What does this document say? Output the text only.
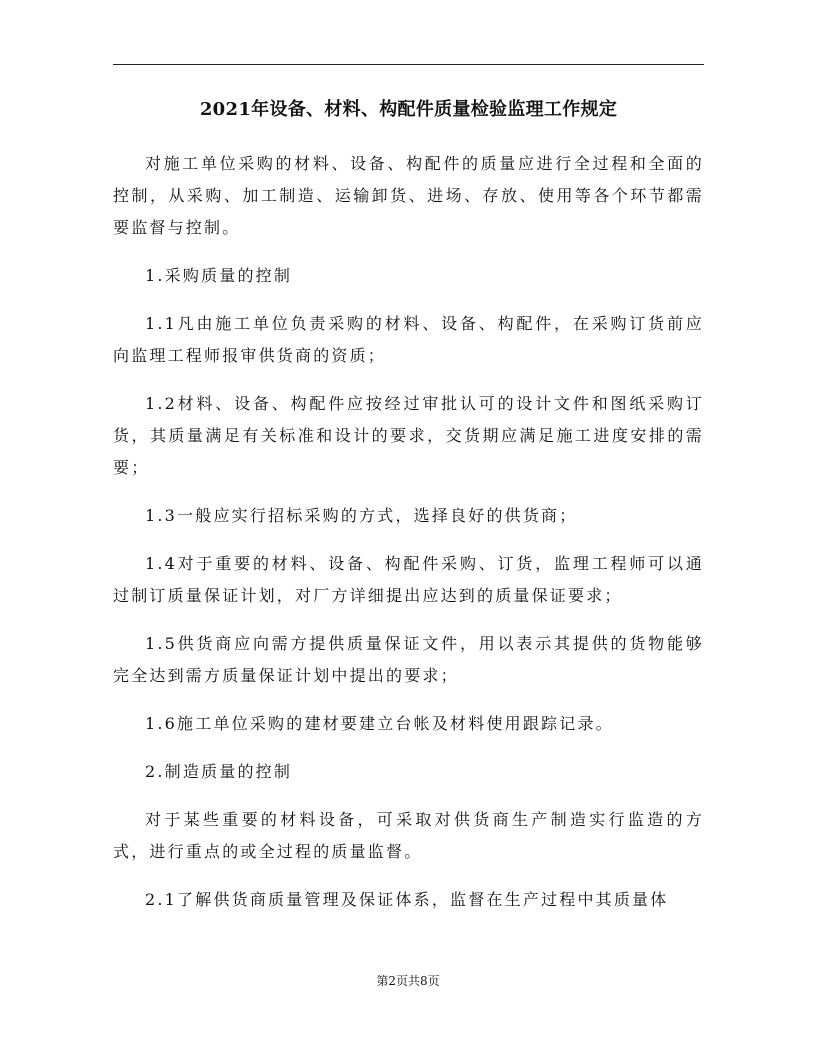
2021年设备、材料、构配件质量检验监理工作规定

对施工单位采购的材料、设备、构配件的质量应进行全过程和全面的控制，从采购、加工制造、运输卸货、进场、存放、使用等各个环节都需要监督与控制。

1.采购质量的控制

1.1凡由施工单位负责采购的材料、设备、构配件，在采购订货前应向监理工程师报审供货商的资质；

1.2材料、设备、构配件应按经过审批认可的设计文件和图纸采购订货，其质量满足有关标准和设计的要求，交货期应满足施工进度安排的需要；

1.3一般应实行招标采购的方式，选择良好的供货商；

1.4对于重要的材料、设备、构配件采购、订货，监理工程师可以通过制订质量保证计划，对厂方详细提出应达到的质量保证要求；

1.5供货商应向需方提供质量保证文件，用以表示其提供的货物能够完全达到需方质量保证计划中提出的要求；

1.6施工单位采购的建材要建立台帐及材料使用跟踪记录。

2.制造质量的控制

对于某些重要的材料设备，可采取对供货商生产制造实行监造的方式，进行重点的或全过程的质量监督。

2.1了解供货商质量管理及保证体系，监督在生产过程中其质量体

第2页共8页
